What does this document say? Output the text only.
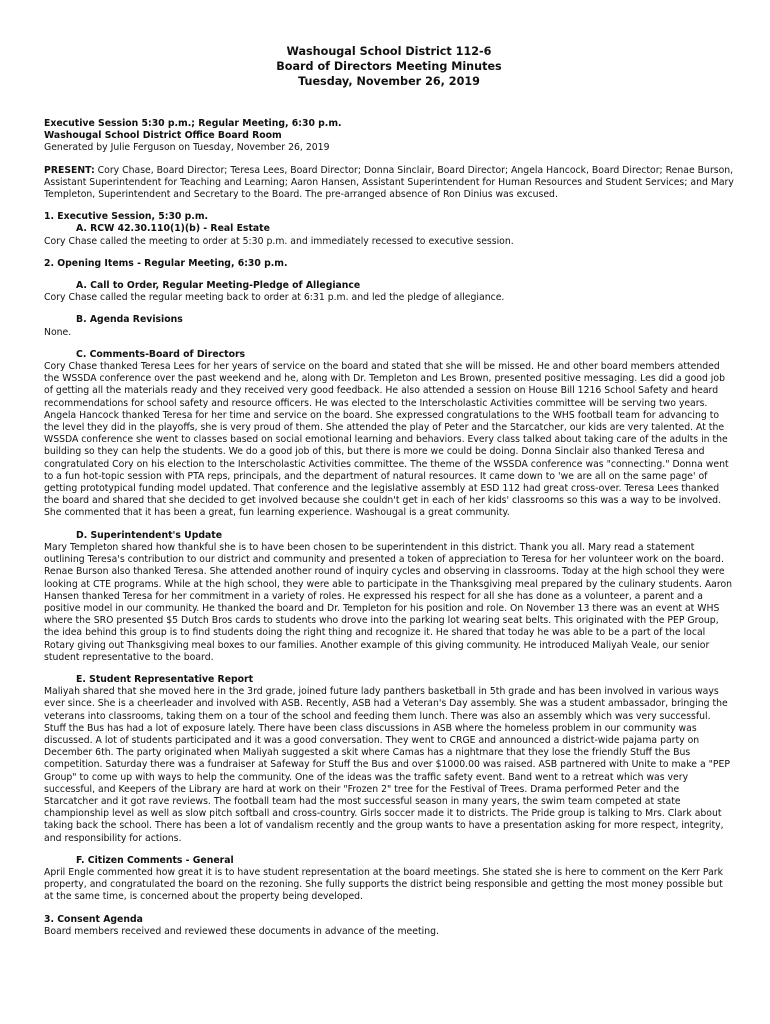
Washougal School District 112-6
Board of Directors Meeting Minutes
Tuesday, November 26, 2019
Executive Session 5:30 p.m.; Regular Meeting, 6:30 p.m.
Washougal School District Office Board Room
Generated by Julie Ferguson on Tuesday, November 26, 2019

PRESENT: Cory Chase, Board Director; Teresa Lees, Board Director; Donna Sinclair, Board Director; Angela Hancock, Board Director; Renae Burson, Assistant Superintendent for Teaching and Learning; Aaron Hansen, Assistant Superintendent for Human Resources and Student Services; and Mary Templeton, Superintendent and Secretary to the Board. The pre-arranged absence of Ron Dinius was excused.

1. Executive Session, 5:30 p.m.
A. RCW 42.30.110(1)(b) - Real Estate

Cory Chase called the meeting to order at 5:30 p.m. and immediately recessed to executive session.

2. Opening Items - Regular Meeting, 6:30 p.m.
A. Call to Order, Regular Meeting-Pledge of Allegiance

Cory Chase called the regular meeting back to order at 6:31 p.m. and led the pledge of allegiance.

B. Agenda Revisions

None.

C. Comments-Board of Directors

Cory Chase thanked Teresa Lees for her years of service on the board and stated that she will be missed. He and other board members attended the WSSDA conference over the past weekend and he, along with Dr. Templeton and Les Brown, presented positive messaging. Les did a good job of getting all the materials ready and they received very good feedback. He also attended a session on House Bill 1216 School Safety and heard recommendations for school safety and resource officers. He was elected to the Interscholastic Activities committee will be serving two years. Angela Hancock thanked Teresa for her time and service on the board. She expressed congratulations to the WHS football team for advancing to the level they did in the playoffs, she is very proud of them. She attended the play of Peter and the Starcatcher, our kids are very talented. At the WSSDA conference she went to classes based on social emotional learning and behaviors. Every class talked about taking care of the adults in the building so they can help the students. We do a good job of this, but there is more we could be doing. Donna Sinclair also thanked Teresa and congratulated Cory on his election to the Interscholastic Activities committee. The theme of the WSSDA conference was "connecting." Donna went to a fun hot-topic session with PTA reps, principals, and the department of natural resources. It came down to 'we are all on the same page' of getting prototypical funding model updated. That conference and the legislative assembly at ESD 112 had great cross-over. Teresa Lees thanked the board and shared that she decided to get involved because she couldn't get in each of her kids' classrooms so this was a way to be involved. She commented that it has been a great, fun learning experience. Washougal is a great community.

D. Superintendent's Update

Mary Templeton shared how thankful she is to have been chosen to be superintendent in this district. Thank you all. Mary read a statement outlining Teresa's contribution to our district and community and presented a token of appreciation to Teresa for her volunteer work on the board. Renae Burson also thanked Teresa. She attended another round of inquiry cycles and observing in classrooms. Today at the high school they were looking at CTE programs. While at the high school, they were able to participate in the Thanksgiving meal prepared by the culinary students. Aaron Hansen thanked Teresa for her commitment in a variety of roles. He expressed his respect for all she has done as a volunteer, a parent and a positive model in our community. He thanked the board and Dr. Templeton for his position and role. On November 13 there was an event at WHS where the SRO presented $5 Dutch Bros cards to students who drove into the parking lot wearing seat belts. This originated with the PEP Group, the idea behind this group is to find students doing the right thing and recognize it. He shared that today he was able to be a part of the local Rotary giving out Thanksgiving meal boxes to our families. Another example of this giving community. He introduced Maliyah Veale, our senior student representative to the board.

E. Student Representative Report

Maliyah shared that she moved here in the 3rd grade, joined future lady panthers basketball in 5th grade and has been involved in various ways ever since. She is a cheerleader and involved with ASB. Recently, ASB had a Veteran's Day assembly. She was a student ambassador, bringing the veterans into classrooms, taking them on a tour of the school and feeding them lunch. There was also an assembly which was very successful. Stuff the Bus has had a lot of exposure lately. There have been class discussions in ASB where the homeless problem in our community was discussed. A lot of students participated and it was a good conversation. They went to CRGE and announced a district-wide pajama party on December 6th. The party originated when Maliyah suggested a skit where Camas has a nightmare that they lose the friendly Stuff the Bus competition. Saturday there was a fundraiser at Safeway for Stuff the Bus and over $1000.00 was raised. ASB partnered with Unite to make a "PEP Group" to come up with ways to help the community. One of the ideas was the traffic safety event. Band went to a retreat which was very successful, and Keepers of the Library are hard at work on their "Frozen 2" tree for the Festival of Trees. Drama performed Peter and the Starcatcher and it got rave reviews. The football team had the most successful season in many years, the swim team competed at state championship level as well as slow pitch softball and cross-country. Girls soccer made it to districts. The Pride group is talking to Mrs. Clark about taking back the school. There has been a lot of vandalism recently and the group wants to have a presentation asking for more respect, integrity, and responsibility for actions.

F. Citizen Comments - General

April Engle commented how great it is to have student representation at the board meetings. She stated she is here to comment on the Kerr Park property, and congratulated the board on the rezoning. She fully supports the district being responsible and getting the most money possible but at the same time, is concerned about the property being developed.

3. Consent Agenda

Board members received and reviewed these documents in advance of the meeting.
